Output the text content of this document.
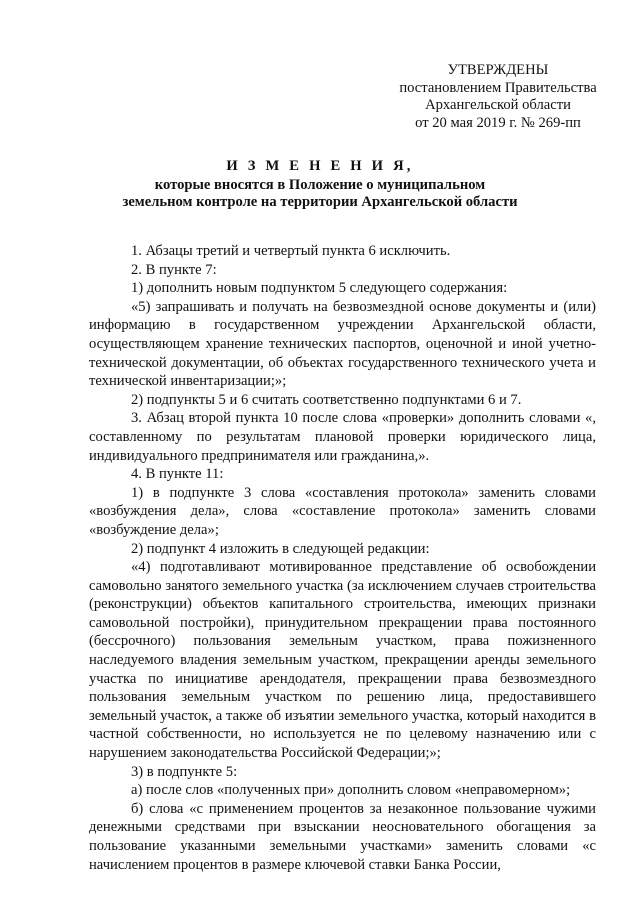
УТВЕРЖДЕНЫ
постановлением Правительства
Архангельской области
от 20 мая 2019 г. № 269-пп
И З М Е Н Е Н И Я,
которые вносятся в Положение о муниципальном
земельном контроле на территории Архангельской области

1. Абзацы третий и четвертый пункта 6 исключить.

2. В пункте 7:

1) дополнить новым подпунктом 5 следующего содержания:

«5) запрашивать и получать на безвозмездной основе документы и (или) информацию в государственном учреждении Архангельской области, осуществляющем хранение технических паспортов, оценочной и иной учетно-технической документации, об объектах государственного технического учета и технической инвентаризации;»;

2) подпункты 5 и 6 считать соответственно подпунктами 6 и 7.

3. Абзац второй пункта 10 после слова «проверки» дополнить словами «, составленному по результатам плановой проверки юридического лица, индивидуального предпринимателя или гражданина,».

4. В пункте 11:

1) в подпункте 3 слова «составления протокола» заменить словами «возбуждения дела», слова «составление протокола» заменить словами «возбуждение дела»;

2) подпункт 4 изложить в следующей редакции:

«4) подготавливают мотивированное представление об освобождении самовольно занятого земельного участка (за исключением случаев строительства (реконструкции) объектов капитального строительства, имеющих признаки самовольной постройки), принудительном прекращении права постоянного (бессрочного) пользования земельным участком, права пожизненного наследуемого владения земельным участком, прекращении аренды земельного участка по инициативе арендодателя, прекращении права безвозмездного пользования земельным участком по решению лица, предоставившего земельный участок, а также об изъятии земельного участка, который находится в частной собственности, но используется не по целевому назначению или с нарушением законодательства Российской Федерации;»;

3) в подпункте 5:

а) после слов «полученных при» дополнить словом «неправомерном»;

б) слова «с применением процентов за незаконное пользование чужими денежными средствами при взыскании неосновательного обогащения за пользование указанными земельными участками» заменить словами «с начислением процентов в размере ключевой ставки Банка России,
